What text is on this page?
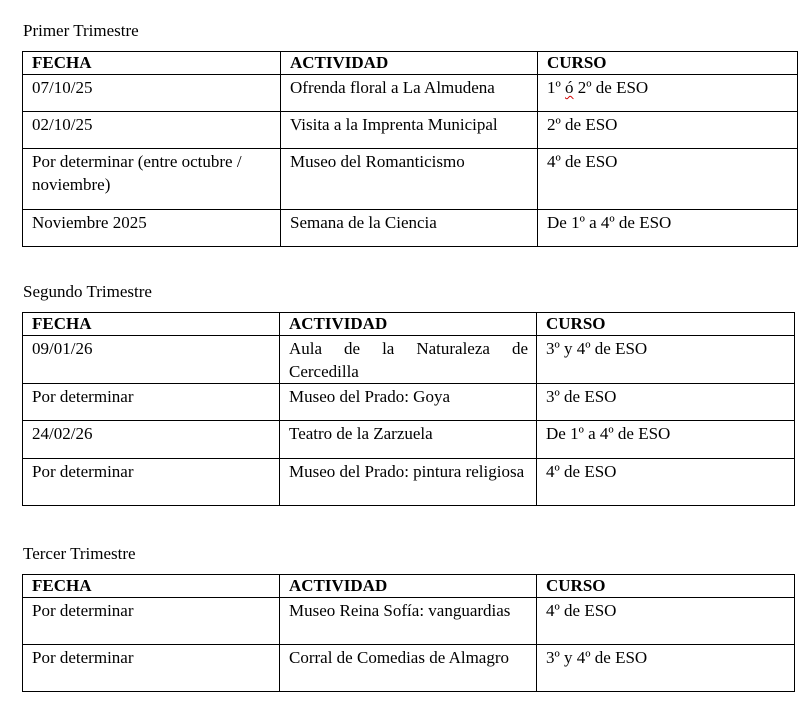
Primer Trimestre
FECHA	ACTIVIDAD	CURSO
07/10/25	Ofrenda floral a La Almudena	1º ó 2º de ESO
02/10/25	Visita a la Imprenta Municipal	2º de ESO
Por determinar (entre octubre / noviembre)	Museo del Romanticismo	4º de ESO
Noviembre 2025	Semana de la Ciencia	De 1º a 4º de ESO
Segundo Trimestre
FECHA	ACTIVIDAD	CURSO
09/01/26	Aula de la Naturaleza de Cercedilla	3º y 4º de ESO
Por determinar	Museo del Prado: Goya	3º de ESO
24/02/26	Teatro de la Zarzuela	De 1º a 4º de ESO
Por determinar	Museo del Prado: pintura religiosa	4º de ESO
Tercer Trimestre
FECHA	ACTIVIDAD	CURSO
Por determinar	Museo Reina Sofía: vanguardias	4º de ESO
Por determinar	Corral de Comedias de Almagro	3º y 4º de ESO
